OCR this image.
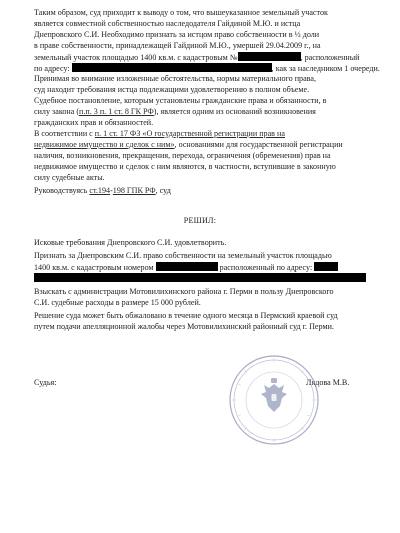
Таким образом, суд приходит к выводу о том, что вышеуказанное земельный участок
является совместной собственностью наследодателя Гайдиной М.Ю. и истца
Днепровского С.И. Необходимо признать за истцом право собственности в ½ доли
в праве собственности, принадлежащей Гайдиной М.Ю., умершей 29.04.2009 г., на
земельный участок площадью 1400 кв.м. с кадастровым №	, расположенный
по адресу:	, как за наследником 1 очереди.
Принимая во внимание изложенные обстоятельства, нормы материального права,
суд находит требования истца подлежащими удовлетворению в полном объеме.
Судебное постановление, которым установлены гражданские права и обязанности, в
силу закона (п.п. 3 п. 1 ст. 8 ГК РФ), является одним из оснований возникновения
гражданских прав и обязанностей.
В соответствии с п. 1 ст. 17 ФЗ «О государственной регистрации прав на
недвижимое имущество и сделок с ним», основаниями для государственной регистрации
наличия, возникновения, прекращения, перехода, ограничения (обременения) прав на
недвижимое имущество и сделок с ним являются, в частности, вступившие в законную
силу судебные акты.
Руководствуясь ст.194-198 ГПК РФ, суд
РЕШИЛ:
Исковые требования Днепровского С.И. удовлетворить.
Признать за Днепровским С.И. право собственности на земельный участок площадью
1400 кв.м. с кадастровым номером	расположенный по адресу:
Взыскать с администрации Мотовилихинского района г. Перми в пользу Днепровского
С.И. судебные расходы в размере 15 000 рублей.
Решение суда может быть обжаловано в течение одного месяца в Пермский краевой суд
путем подачи апелляционной жалобы через Мотовилихинский районный суд г. Перми.
Судья:	Лядова М.В.
